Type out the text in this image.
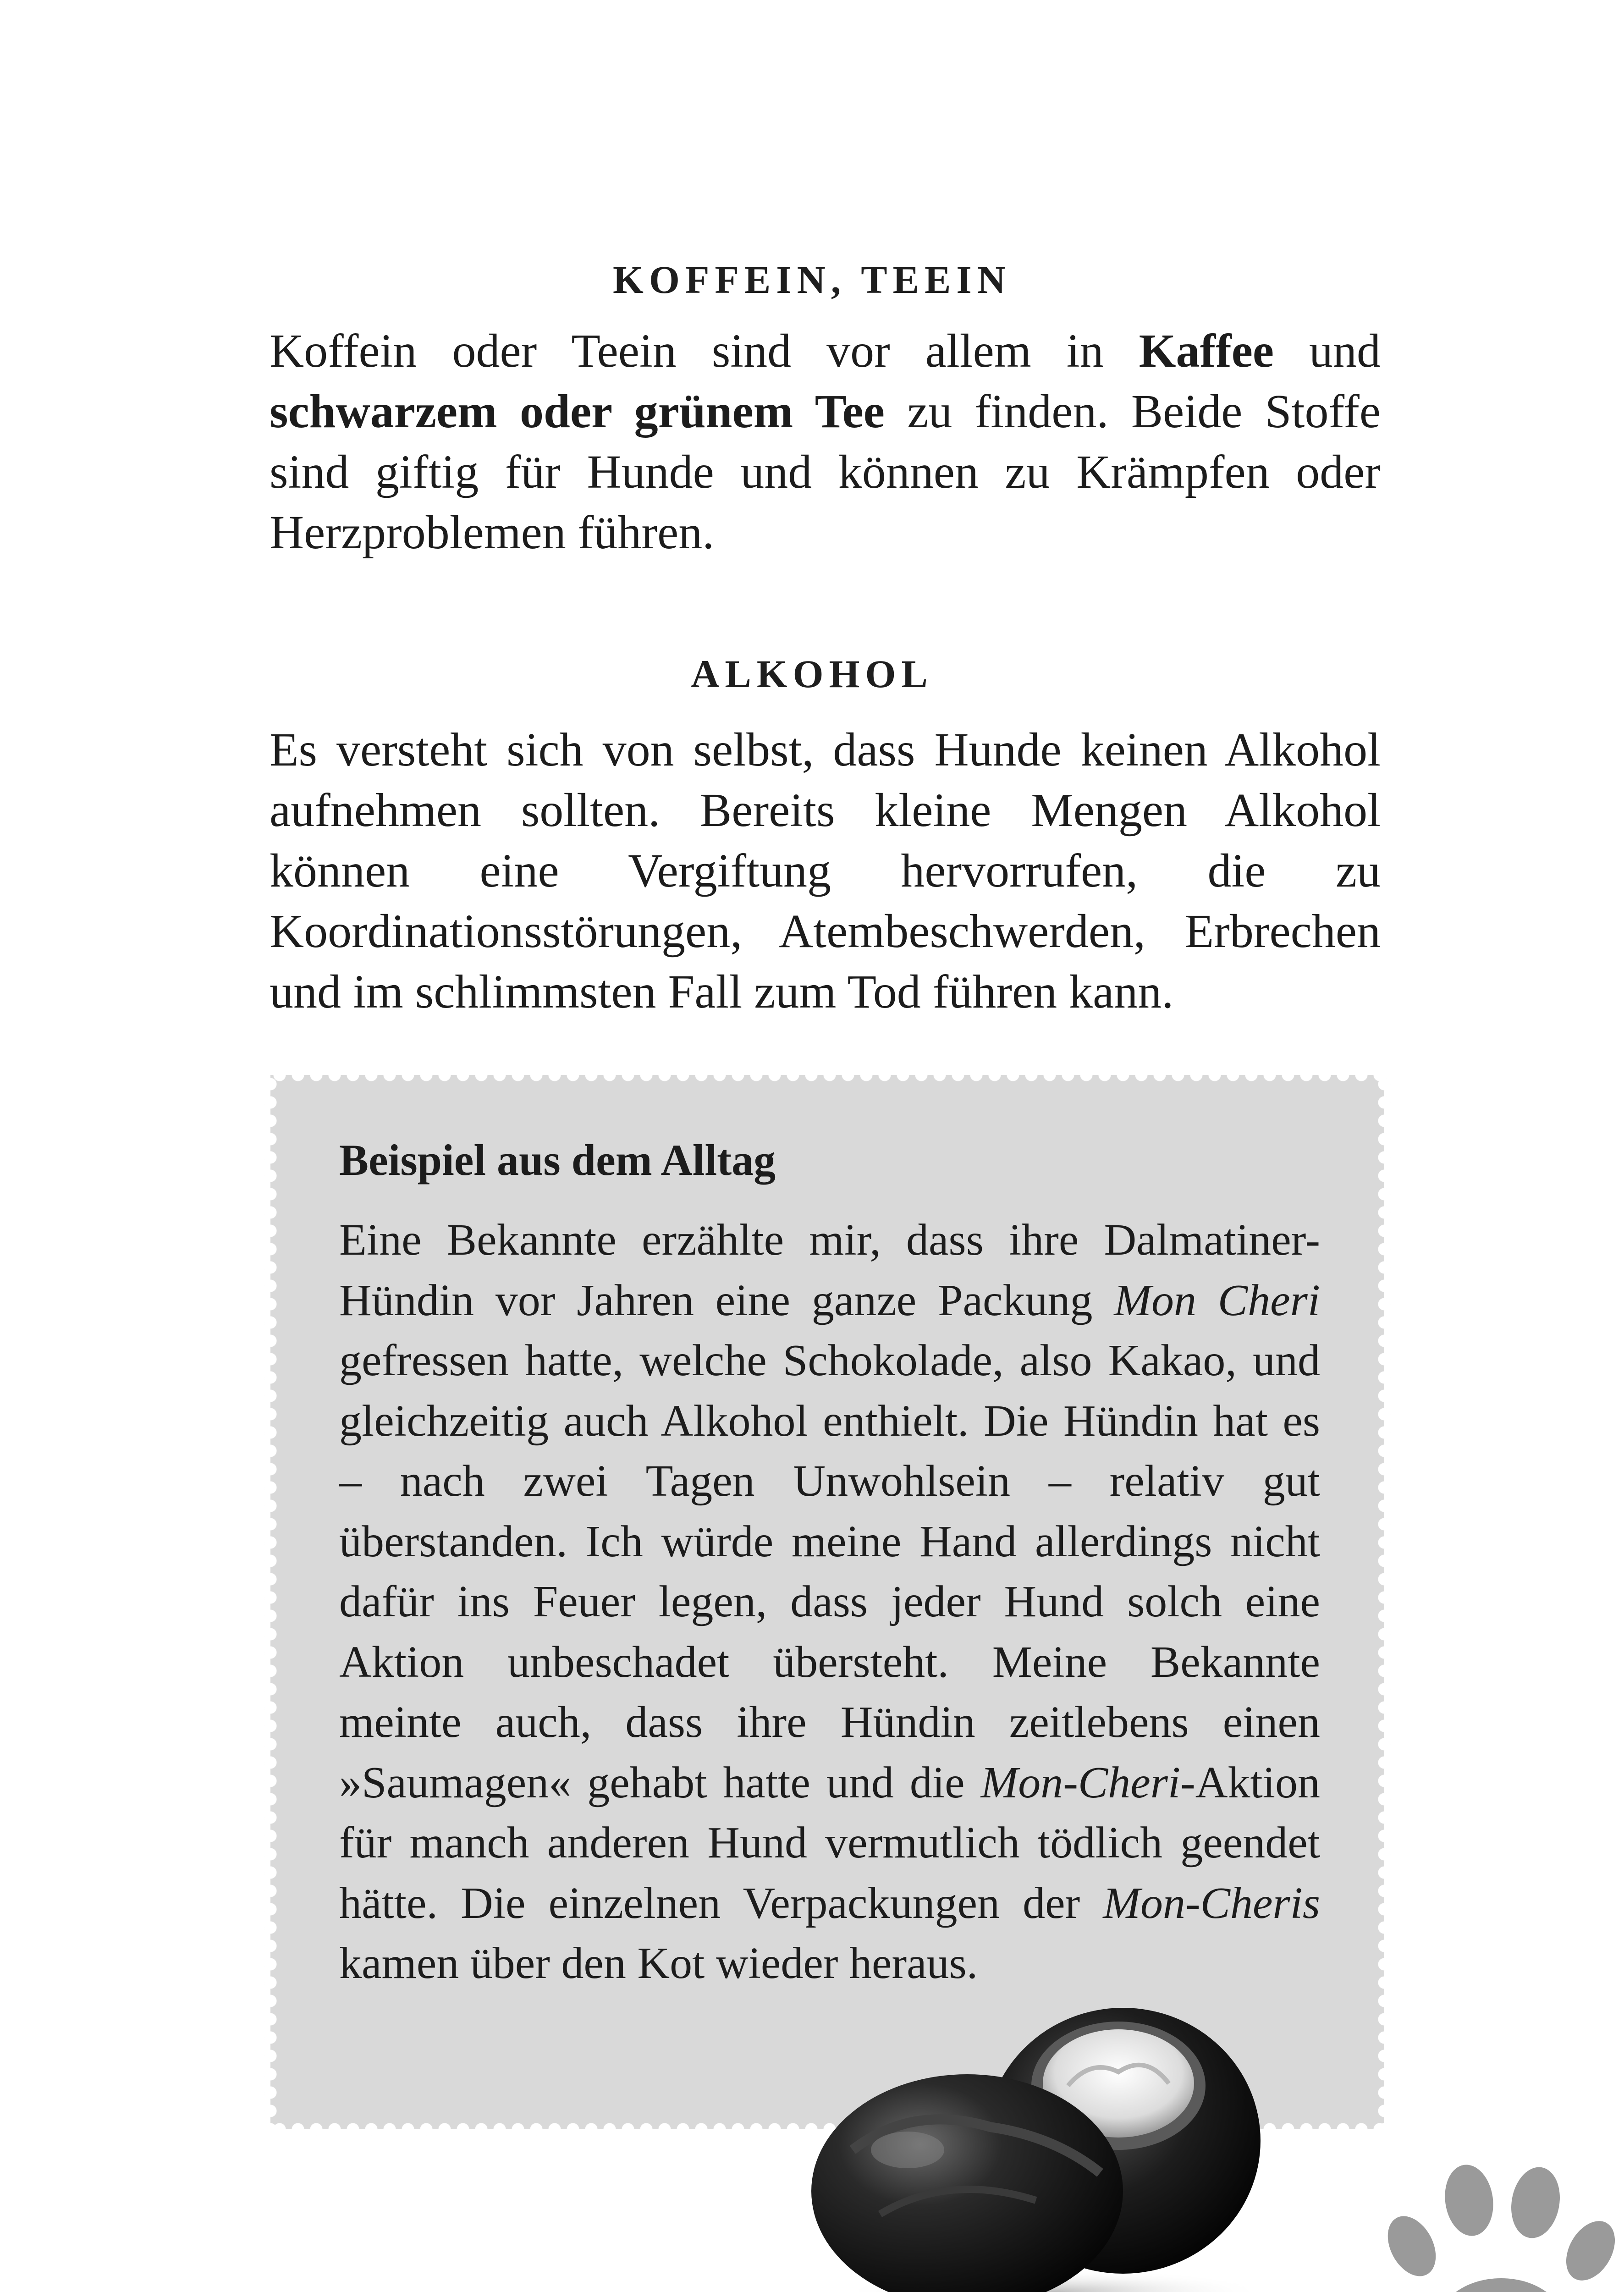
KOFFEIN, TEEIN

Koffein oder Teein sind vor allem in Kaffee und schwarzem oder grünem Tee zu finden. Beide Stoffe sind giftig für Hunde und können zu Krämpfen oder Herzproblemen führen.

ALKOHOL

Es versteht sich von selbst, dass Hunde keinen Alkohol aufnehmen sollten. Bereits kleine Mengen Alkohol können eine Vergiftung hervorrufen, die zu Koordinationsstörungen, Atembeschwerden, Erbrechen und im schlimmsten Fall zum Tod führen kann.

Beispiel aus dem Alltag

Eine Bekannte erzählte mir, dass ihre Dalmatiner-Hündin vor Jahren eine ganze Packung Mon Cheri gefressen hatte, welche Schokolade, also Kakao, und gleichzeitig auch Alkohol enthielt. Die Hündin hat es – nach zwei Tagen Unwohlsein – relativ gut überstanden. Ich würde meine Hand allerdings nicht dafür ins Feuer legen, dass jeder Hund solch eine Aktion unbeschadet übersteht. Meine Bekannte meinte auch, dass ihre Hündin zeitlebens einen »Saumagen« gehabt hatte und die Mon-Cheri-Aktion für manch anderen Hund vermutlich tödlich geendet hätte. Die einzelnen Verpackungen der Mon-Cheris kamen über den Kot wieder heraus.
